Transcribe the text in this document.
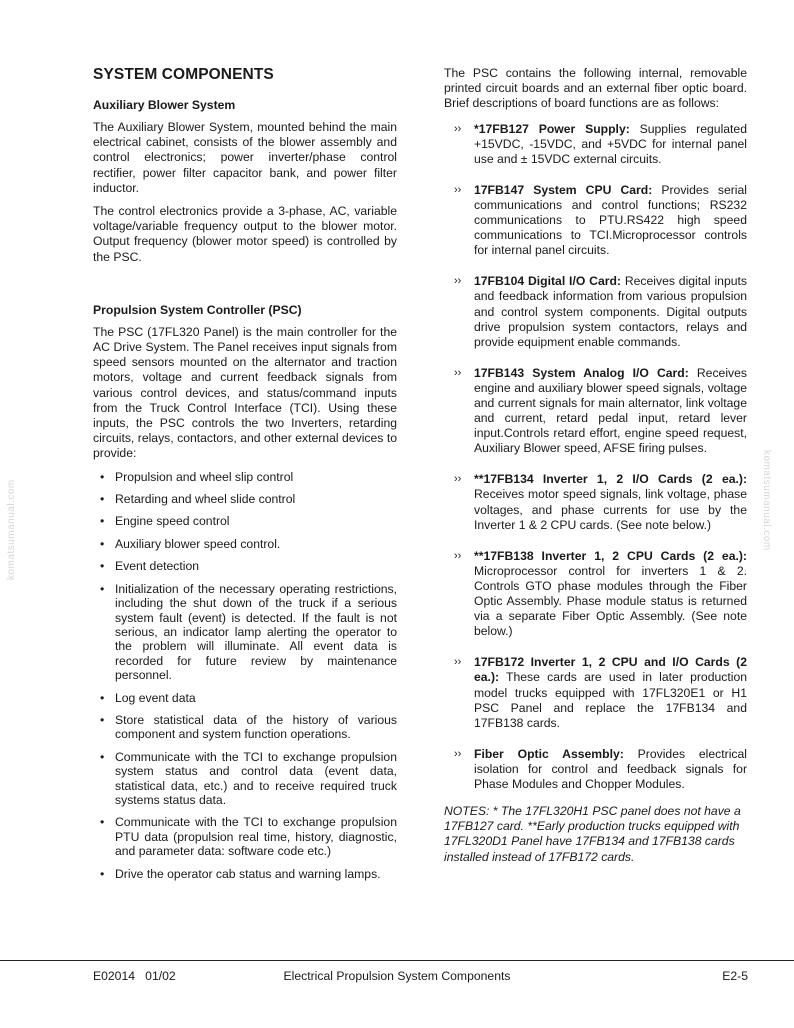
SYSTEM COMPONENTS
Auxiliary Blower System

The Auxiliary Blower System, mounted behind the main electrical cabinet, consists of the blower assembly and control electronics; power inverter/phase control rectifier, power filter capacitor bank, and power filter inductor.

The control electronics provide a 3-phase, AC, variable voltage/variable frequency output to the blower motor. Output frequency (blower motor speed) is controlled by the PSC.

Propulsion System Controller (PSC)

The PSC (17FL320 Panel) is the main controller for the AC Drive System. The Panel receives input signals from speed sensors mounted on the alternator and traction motors, voltage and current feedback signals from various control devices, and status/command inputs from the Truck Control Interface (TCI). Using these inputs, the PSC controls the two Inverters, retarding circuits, relays, contactors, and other external devices to provide:

• Propulsion and wheel slip control
• Retarding and wheel slide control
• Engine speed control
• Auxiliary blower speed control.
• Event detection
• Initialization of the necessary operating restrictions, including the shut down of the truck if a serious system fault (event) is detected. If the fault is not serious, an indicator lamp alerting the operator to the problem will illuminate. All event data is recorded for future review by maintenance personnel.
• Log event data
• Store statistical data of the history of various component and system function operations.
• Communicate with the TCI to exchange propulsion system status and control data (event data, statistical data, etc.) and to receive required truck systems status data.
• Communicate with the TCI to exchange propulsion PTU data (propulsion real time, history, diagnostic, and parameter data: software code etc.)
• Drive the operator cab status and warning lamps.

The PSC contains the following internal, removable printed circuit boards and an external fiber optic board. Brief descriptions of board functions are as follows:

›› *17FB127 Power Supply: Supplies regulated +15VDC, -15VDC, and +5VDC for internal panel use and ± 15VDC external circuits.
›› 17FB147 System CPU Card: Provides serial communications and control functions; RS232 communications to PTU.RS422 high speed communications to TCI.Microprocessor controls for internal panel circuits.
›› 17FB104 Digital I/O Card: Receives digital inputs and feedback information from various propulsion and control system components. Digital outputs drive propulsion system contactors, relays and provide equipment enable commands.
›› 17FB143 System Analog I/O Card: Receives engine and auxiliary blower speed signals, voltage and current signals for main alternator, link voltage and current, retard pedal input, retard lever input.Controls retard effort, engine speed request, Auxiliary Blower speed, AFSE firing pulses.
›› **17FB134 Inverter 1, 2 I/O Cards (2 ea.): Receives motor speed signals, link voltage, phase voltages, and phase currents for use by the Inverter 1 & 2 CPU cards. (See note below.)
›› **17FB138 Inverter 1, 2 CPU Cards (2 ea.): Microprocessor control for inverters 1 & 2. Controls GTO phase modules through the Fiber Optic Assembly. Phase module status is returned via a separate Fiber Optic Assembly. (See note below.)
›› 17FB172 Inverter 1, 2 CPU and I/O Cards (2 ea.): These cards are used in later production model trucks equipped with 17FL320E1 or H1 PSC Panel and replace the 17FB134 and 17FB138 cards.
›› Fiber Optic Assembly: Provides electrical isolation for control and feedback signals for Phase Modules and Chopper Modules.

NOTES: * The 17FL320H1 PSC panel does not have a 17FB127 card. **Early production trucks equipped with 17FL320D1 Panel have 17FB134 and 17FB138 cards installed instead of 17FB172 cards.

komatsumanual.com	komatsumanual.com
E02014   01/02	Electrical Propulsion System Components	E2-5
